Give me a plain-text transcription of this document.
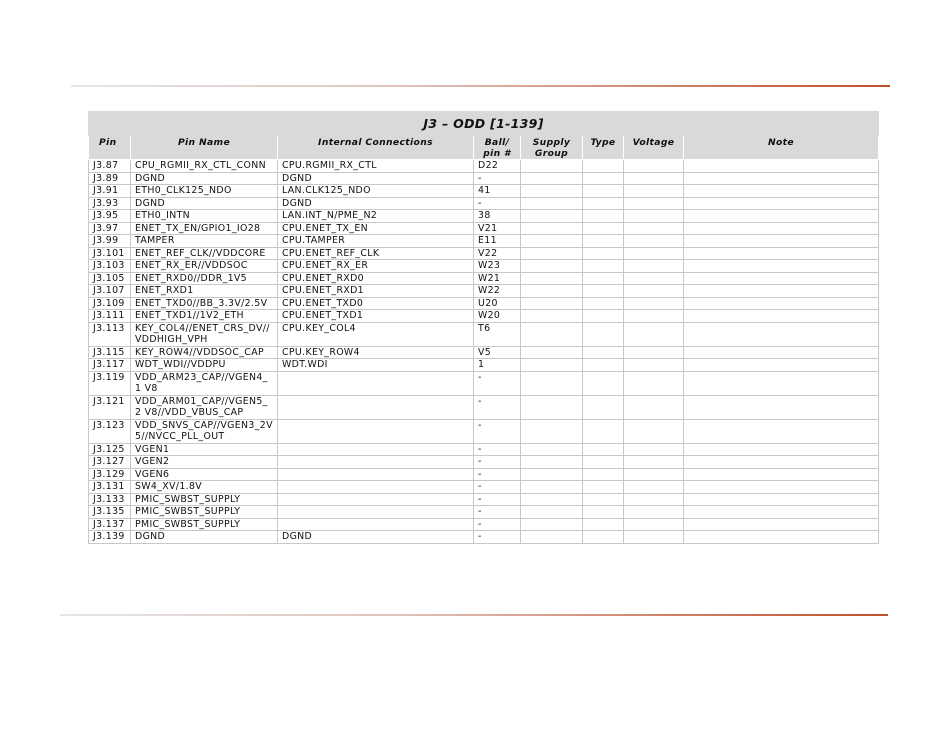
J3 – ODD [1-139]							
Pin	Pin Name	Internal Connections	Ball/ pin #	Supply Group	Type	Voltage	Note
J3.87	CPU_RGMII_RX_CTL_CONN	CPU.RGMII_RX_CTL	D22				
J3.89	DGND	DGND	-				
J3.91	ETH0_CLK125_NDO	LAN.CLK125_NDO	41				
J3.93	DGND	DGND	-				
J3.95	ETH0_INTN	LAN.INT_N/PME_N2	38				
J3.97	ENET_TX_EN/GPIO1_IO28	CPU.ENET_TX_EN	V21				
J3.99	TAMPER	CPU.TAMPER	E11				
J3.101	ENET_REF_CLK//VDDCORE	CPU.ENET_REF_CLK	V22				
J3.103	ENET_RX_ER//VDDSOC	CPU.ENET_RX_ER	W23				
J3.105	ENET_RXD0//DDR_1V5	CPU.ENET_RXD0	W21				
J3.107	ENET_RXD1	CPU.ENET_RXD1	W22				
J3.109	ENET_TXD0//BB_3.3V/2.5V	CPU.ENET_TXD0	U20				
J3.111	ENET_TXD1//1V2_ETH	CPU.ENET_TXD1	W20				
J3.113	KEY_COL4//ENET_CRS_DV// VDDHIGH_VPH	CPU.KEY_COL4	T6				
J3.115	KEY_ROW4//VDDSOC_CAP	CPU.KEY_ROW4	V5				
J3.117	WDT_WDI//VDDPU	WDT.WDI	1				
J3.119	VDD_ARM23_CAP//VGEN4_1 V8		-				
J3.121	VDD_ARM01_CAP//VGEN5_2 V8//VDD_VBUS_CAP		-				
J3.123	VDD_SNVS_CAP//VGEN3_2V 5//NVCC_PLL_OUT		-				
J3.125	VGEN1		-				
J3.127	VGEN2		-				
J3.129	VGEN6		-				
J3.131	SW4_XV/1.8V		-				
J3.133	PMIC_SWBST_SUPPLY		-				
J3.135	PMIC_SWBST_SUPPLY		-				
J3.137	PMIC_SWBST_SUPPLY		-				
J3.139	DGND	DGND	-				
